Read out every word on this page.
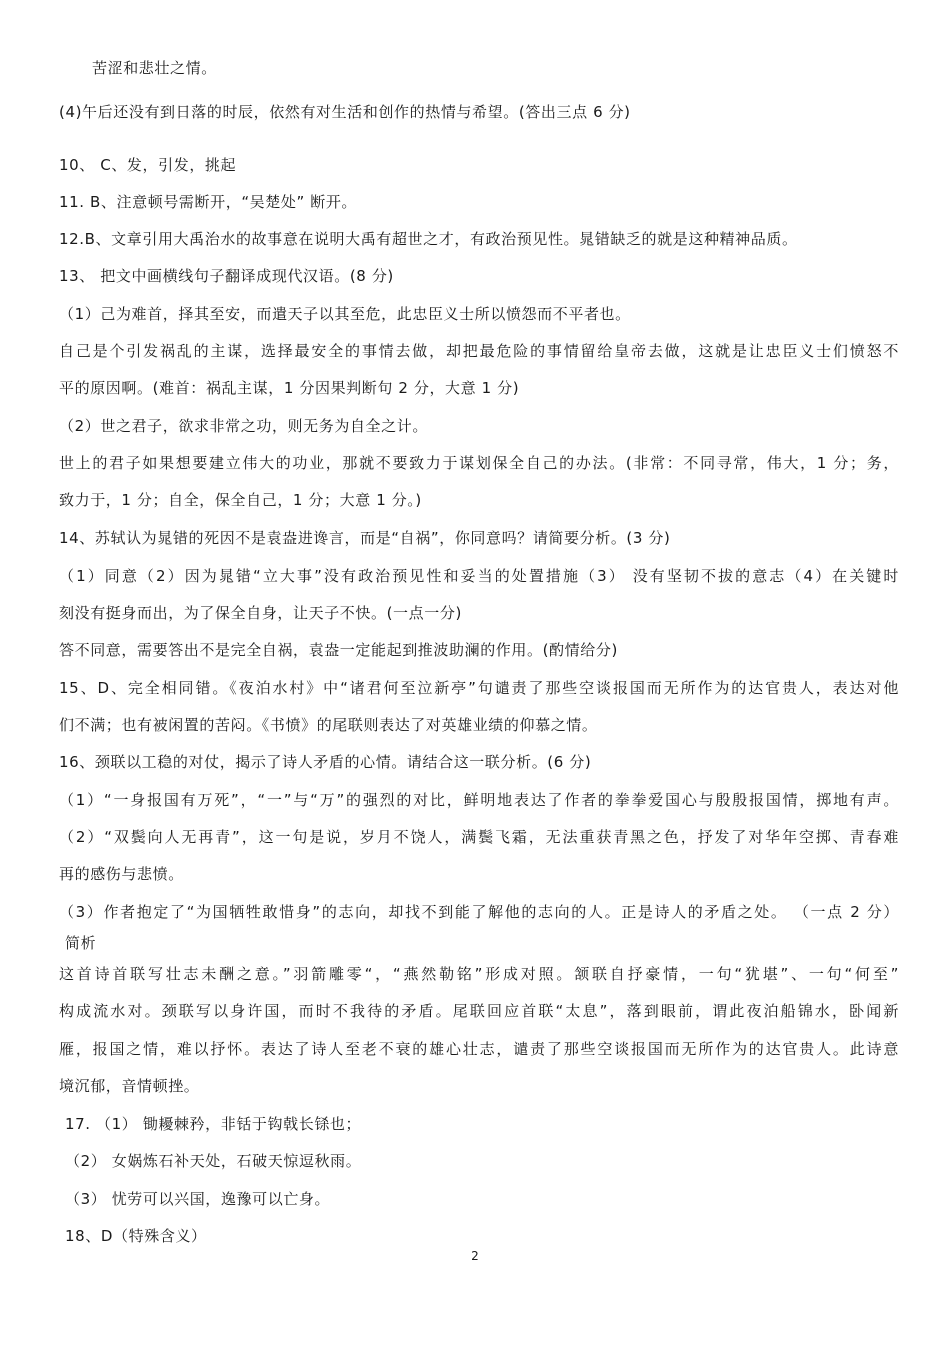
苦涩和悲壮之情。
(4)午后还没有到日落的时辰，依然有对生活和创作的热情与希望。(答出三点 6 分)
10、 C、发，引发，挑起
11. B、注意顿号需断开，“吴楚处” 断开。
12.B、文章引用大禹治水的故事意在说明大禹有超世之才，有政治预见性。晁错缺乏的就是这种精神品质。
13、 把文中画横线句子翻译成现代汉语。(8 分)
（1）己为难首，择其至安，而遣天子以其至危，此忠臣义士所以愤怨而不平者也。
自己是个引发祸乱的主谋，选择最安全的事情去做，却把最危险的事情留给皇帝去做，这就是让忠臣义士们愤怒不
平的原因啊。(难首：祸乱主谋，1 分因果判断句 2 分，大意 1 分)
（2）世之君子，欲求非常之功，则无务为自全之计。
世上的君子如果想要建立伟大的功业，那就不要致力于谋划保全自己的办法。(非常：不同寻常，伟大，1 分；务，
致力于，1 分；自全，保全自己，1 分；大意 1 分。)
14、苏轼认为晁错的死因不是袁盎进谗言，而是“自祸”，你同意吗？请简要分析。(3 分)
（1）同意（2）因为晁错“立大事”没有政治预见性和妥当的处置措施（3） 没有坚韧不拔的意志（4）在关键时
刻没有挺身而出，为了保全自身，让天子不快。(一点一分)
答不同意，需要答出不是完全自祸，袁盎一定能起到推波助澜的作用。(酌情给分)
15、D、完全相同错。《夜泊水村》中“诸君何至泣新亭”句谴责了那些空谈报国而无所作为的达官贵人，表达对他
们不满；也有被闲置的苦闷。《书愤》的尾联则表达了对英雄业绩的仰慕之情。
16、颈联以工稳的对仗，揭示了诗人矛盾的心情。请结合这一联分析。(6 分)
（1）“一身报国有万死”，“一”与“万”的强烈的对比，鲜明地表达了作者的拳拳爱国心与殷殷报国情，掷地有声。
（2）“双鬓向人无再青”，这一句是说，岁月不饶人，满鬓飞霜，无法重获青黑之色，抒发了对华年空掷、青春难
再的感伤与悲愤。
（3）作者抱定了“为国牺牲敢惜身”的志向，却找不到能了解他的志向的人。正是诗人的矛盾之处。 （一点 2 分）
简析
这首诗首联写壮志未酬之意。”羽箭雕零“，“燕然勒铭”形成对照。颔联自抒豪情，一句“犹堪”、一句“何至”
构成流水对。颈联写以身许国，而时不我待的矛盾。尾联回应首联“太息”，落到眼前，谓此夜泊船锦水，卧闻新
雁，报国之情，难以抒怀。表达了诗人至老不衰的雄心壮志，谴责了那些空谈报国而无所作为的达官贵人。此诗意
境沉郁，音情顿挫。
17. （1） 锄耰棘矜，非铦于钩戟长铩也；
（2） 女娲炼石补天处，石破天惊逗秋雨。
（3） 忧劳可以兴国，逸豫可以亡身。
18、D（特殊含义）
2
